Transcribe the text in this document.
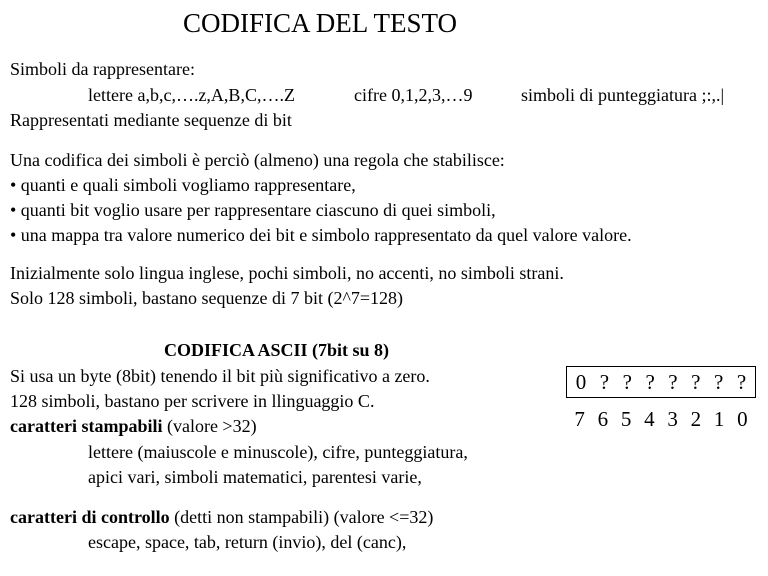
CODIFICA DEL TESTO
Simboli da rappresentare:
lettere a,b,c,….z,A,B,C,….Z	cifre 0,1,2,3,…9	simboli di punteggiatura ;:,.|
Rappresentati mediante sequenze di bit
Una codifica dei simboli è perciò (almeno) una regola che stabilisce:
• quanti e quali simboli vogliamo rappresentare,
• quanti bit voglio usare per rappresentare ciascuno di quei simboli,
• una mappa tra valore numerico dei bit e simbolo rappresentato da quel valore valore.
Inizialmente solo lingua inglese, pochi simboli, no accenti, no simboli strani.
Solo 128 simboli, bastano sequenze di 7 bit (2^7=128)
CODIFICA ASCII (7bit su 8)
Si usa un byte (8bit) tenendo il bit più significativo a zero.
128 simboli, bastano per scrivere in llinguaggio C.
caratteri stampabili (valore >32)
lettere (maiuscole e minuscole), cifre, punteggiatura,
apici vari, simboli matematici, parentesi varie,
caratteri di controllo (detti non stampabili) (valore <=32)
escape, space, tab, return (invio), del (canc),
0 ? ? ? ? ? ? ?
7 6 5 4 3 2 1 0
